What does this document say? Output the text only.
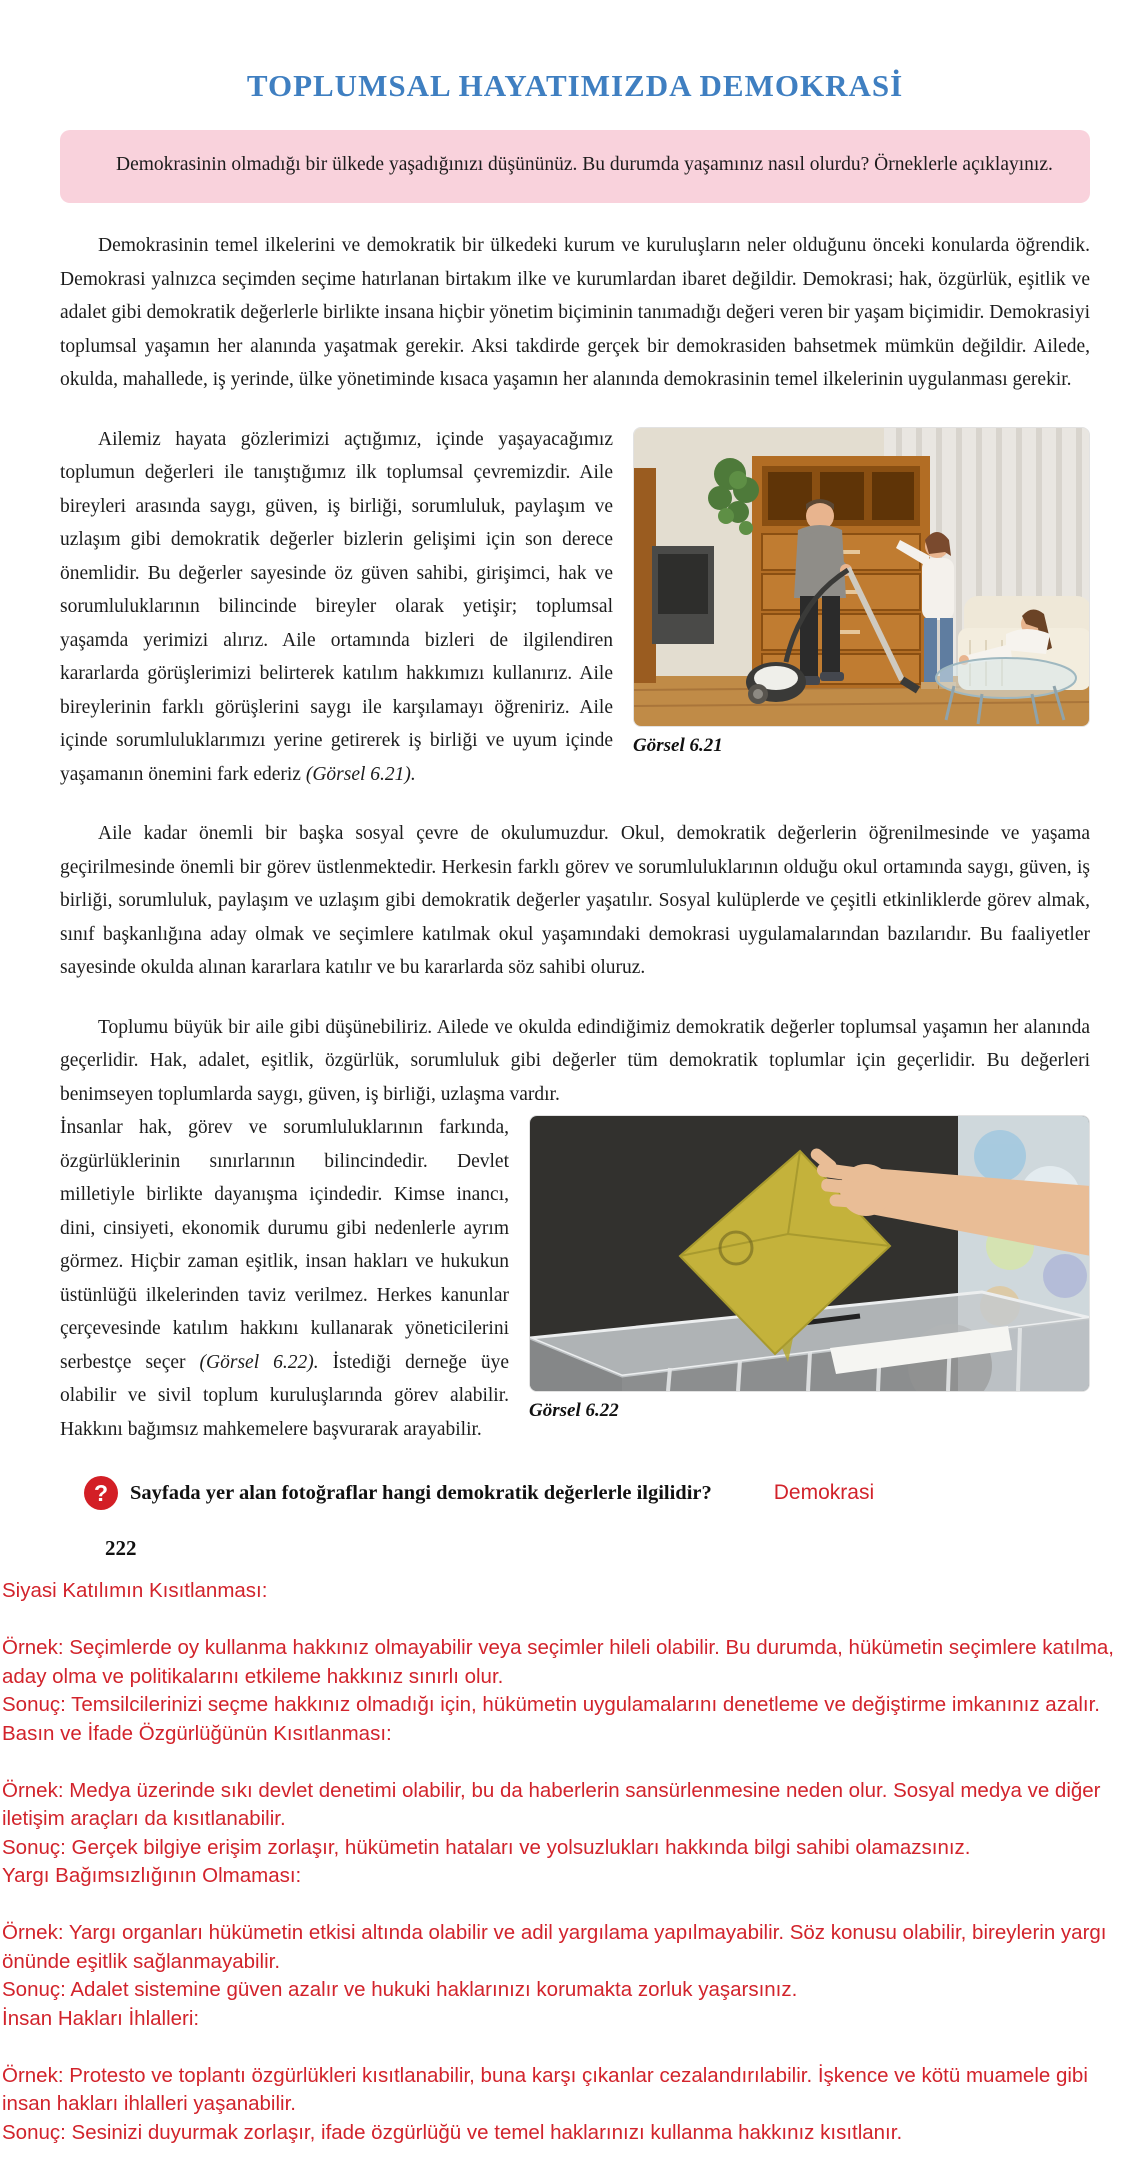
TOPLUMSAL HAYATIMIZDA DEMOKRASİ

Demokrasinin olmadığı bir ülkede yaşadığınızı düşününüz. Bu durumda yaşamınız nasıl olurdu? Örneklerle açıklayınız.

Demokrasinin temel ilkelerini ve demokratik bir ülkedeki kurum ve kuruluşların neler olduğunu önceki konularda öğrendik. Demokrasi yalnızca seçimden seçime hatırlanan birtakım ilke ve kurumlardan ibaret değildir. Demokrasi; hak, özgürlük, eşitlik ve adalet gibi demokratik değerlerle birlikte insana hiçbir yönetim biçiminin tanımadığı değeri veren bir yaşam biçimidir. Demokrasiyi toplumsal yaşamın her alanında yaşatmak gerekir. Aksi takdirde gerçek bir demokrasiden bahsetmek mümkün değildir. Ailede, okulda, mahallede, iş yerinde, ülke yönetiminde kısaca yaşamın her alanında demokrasinin temel ilkelerinin uygulanması gerekir.

Görsel 6.21

Ailemiz hayata gözlerimizi açtığımız, içinde yaşayacağımız toplumun değerleri ile tanıştığımız ilk toplumsal çevremizdir. Aile bireyleri arasında saygı, güven, iş birliği, sorumluluk, paylaşım ve uzlaşım gibi demokratik değerler bizlerin gelişimi için son derece önemlidir. Bu değerler sayesinde öz güven sahibi, girişimci, hak ve sorumluluklarının bilincinde bireyler olarak yetişir; toplumsal yaşamda yerimizi alırız. Aile ortamında bizleri de ilgilendiren kararlarda görüşlerimizi belirterek katılım hakkımızı kullanırız. Aile bireylerinin farklı görüşlerini saygı ile karşılamayı öğreniriz. Aile içinde sorumluluklarımızı yerine getirerek iş birliği ve uyum içinde yaşamanın önemini fark ederiz (Görsel 6.21).

Aile kadar önemli bir başka sosyal çevre de okulumuzdur. Okul, demokratik değerlerin öğrenilmesinde ve yaşama geçirilmesinde önemli bir görev üstlenmektedir. Herkesin farklı görev ve sorumluluklarının olduğu okul ortamında saygı, güven, iş birliği, sorumluluk, paylaşım ve uzlaşım gibi demokratik değerler yaşatılır. Sosyal kulüplerde ve çeşitli etkinliklerde görev almak, sınıf başkanlığına aday olmak ve seçimlere katılmak okul yaşamındaki demokrasi uygulamalarından bazılarıdır. Bu faaliyetler sayesinde okulda alınan kararlara katılır ve bu kararlarda söz sahibi oluruz.

Toplumu büyük bir aile gibi düşünebiliriz. Ailede ve okulda edindiğimiz demokratik değerler toplumsal yaşamın her alanında geçerlidir. Hak, adalet, eşitlik, özgürlük, sorumluluk gibi değerler tüm demokratik toplumlar için geçerlidir. Bu değerleri benimseyen toplumlarda saygı, güven, iş birliği, uzlaşma vardır.

Görsel 6.22

İnsanlar hak, görev ve sorumluluklarının farkında, özgürlüklerinin sınırlarının bilincindedir. Devlet milletiyle birlikte dayanışma içindedir. Kimse inancı, dini, cinsiyeti, ekonomik durumu gibi nedenlerle ayrım görmez. Hiçbir zaman eşitlik, insan hakları ve hukukun üstünlüğü ilkelerinden taviz verilmez. Herkes kanunlar çerçevesinde katılım hakkını kullanarak yöneticilerini serbestçe seçer (Görsel 6.22). İstediği derneğe üye olabilir ve sivil toplum kuruluşlarında görev alabilir. Hakkını bağımsız mahkemelere başvurarak arayabilir.

?	Sayfada yer alan fotoğraflar hangi demokratik değerlerle ilgilidir?	Demokrasi
222

Siyasi Katılımın Kısıtlanması:

Örnek: Seçimlerde oy kullanma hakkınız olmayabilir veya seçimler hileli olabilir. Bu durumda, hükümetin seçimlere katılma, aday olma ve politikalarını etkileme hakkınız sınırlı olur.

Sonuç: Temsilcilerinizi seçme hakkınız olmadığı için, hükümetin uygulamalarını denetleme ve değiştirme imkanınız azalır.

Basın ve İfade Özgürlüğünün Kısıtlanması:

Örnek: Medya üzerinde sıkı devlet denetimi olabilir, bu da haberlerin sansürlenmesine neden olur. Sosyal medya ve diğer iletişim araçları da kısıtlanabilir.

Sonuç: Gerçek bilgiye erişim zorlaşır, hükümetin hataları ve yolsuzlukları hakkında bilgi sahibi olamazsınız.

Yargı Bağımsızlığının Olmaması:

Örnek: Yargı organları hükümetin etkisi altında olabilir ve adil yargılama yapılmayabilir. Söz konusu olabilir, bireylerin yargı önünde eşitlik sağlanmayabilir.

Sonuç: Adalet sistemine güven azalır ve hukuki haklarınızı korumakta zorluk yaşarsınız.

İnsan Hakları İhlalleri:

Örnek: Protesto ve toplantı özgürlükleri kısıtlanabilir, buna karşı çıkanlar cezalandırılabilir. İşkence ve kötü muamele gibi insan hakları ihlalleri yaşanabilir.

Sonuç: Sesinizi duyurmak zorlaşır, ifade özgürlüğü ve temel haklarınızı kullanma hakkınız kısıtlanır.
